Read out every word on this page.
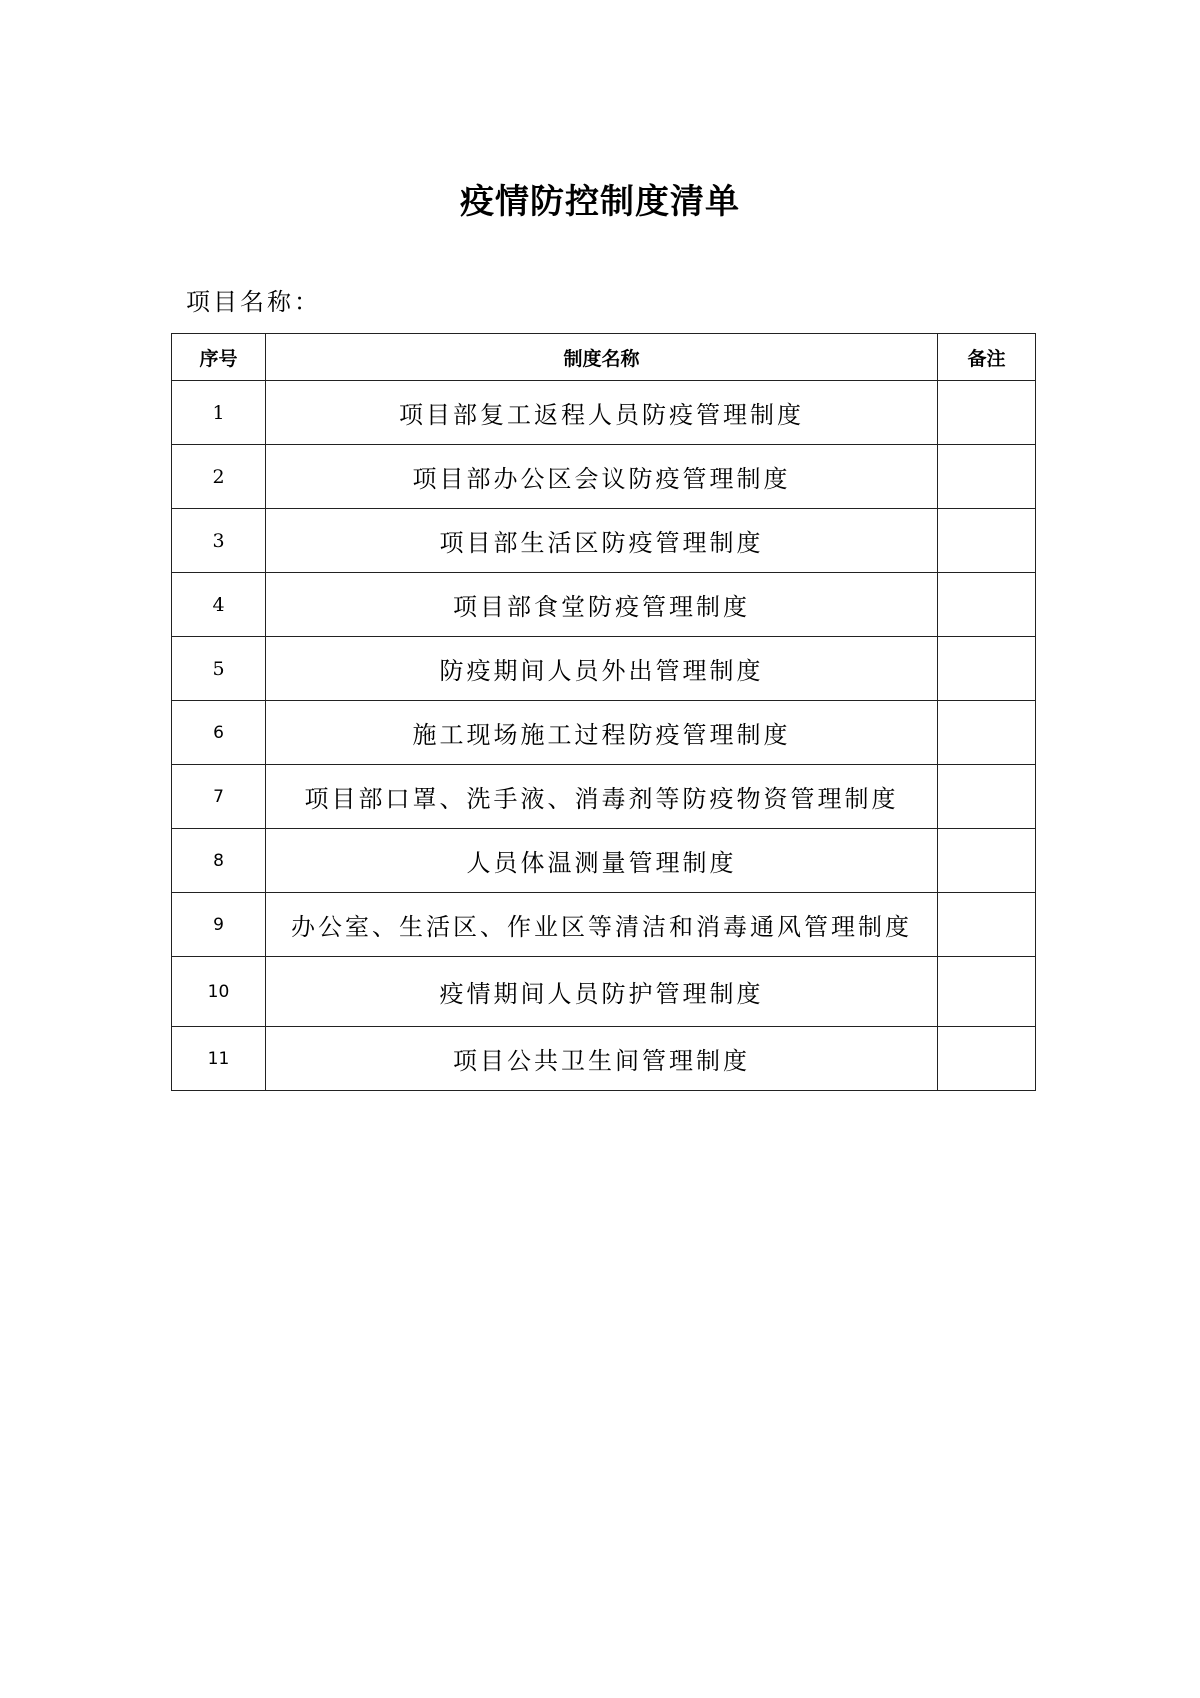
疫情防控制度清单
项目名称：
序号	制度名称	备注
1	项目部复工返程人员防疫管理制度	
2	项目部办公区会议防疫管理制度	
3	项目部生活区防疫管理制度	
4	项目部食堂防疫管理制度	
5	防疫期间人员外出管理制度	
6	施工现场施工过程防疫管理制度	
7	项目部口罩、洗手液、消毒剂等防疫物资管理制度	
8	人员体温测量管理制度	
9	办公室、生活区、作业区等清洁和消毒通风管理制度	
10	疫情期间人员防护管理制度	
11	项目公共卫生间管理制度	
